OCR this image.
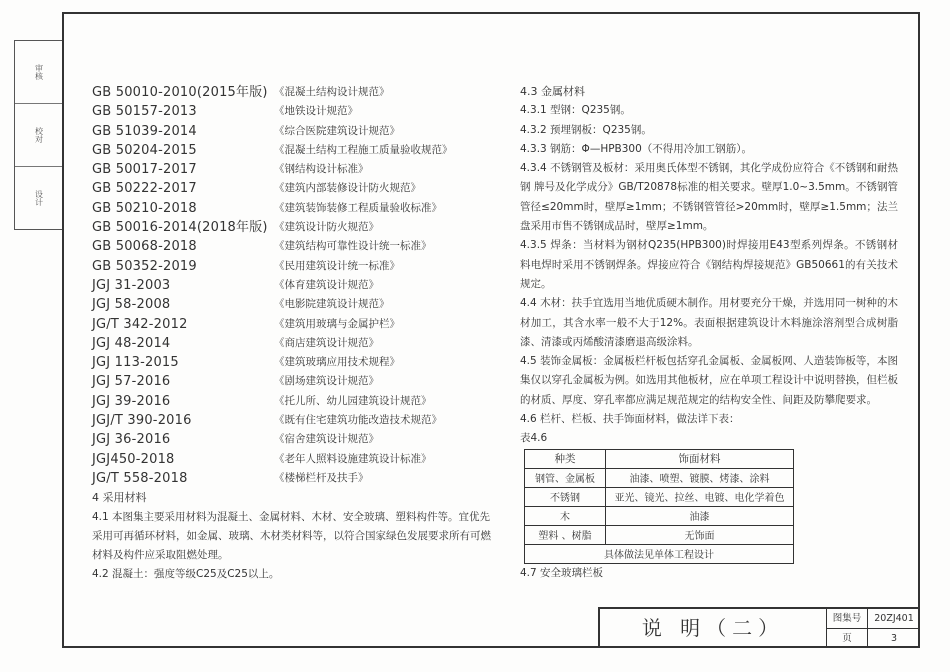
审核
校对
设计
GB 50010-2010(2015年版) 《混凝土结构设计规范》
GB 50157-2013	《地铁设计规范》
GB 51039-2014	《综合医院建筑设计规范》
GB 50204-2015	《混凝土结构工程施工质量验收规范》
GB 50017-2017	《钢结构设计标准》
GB 50222-2017	《建筑内部装修设计防火规范》
GB 50210-2018	《建筑装饰装修工程质量验收标准》
GB 50016-2014(2018年版) 《建筑设计防火规范》
GB 50068-2018	《建筑结构可靠性设计统一标准》
GB 50352-2019	《民用建筑设计统一标准》
JGJ 31-2003	《体育建筑设计规范》
JGJ 58-2008	《电影院建筑设计规范》
JG/T 342-2012	《建筑用玻璃与金属护栏》
JGJ 48-2014	《商店建筑设计规范》
JGJ 113-2015	《建筑玻璃应用技术规程》
JGJ 57-2016	《剧场建筑设计规范》
JGJ 39-2016	《托儿所、幼儿园建筑设计规范》
JGJ/T 390-2016	《既有住宅建筑功能改造技术规范》
JGJ 36-2016	《宿舍建筑设计规范》
JGJ450-2018	《老年人照料设施建筑设计标准》
JG/T 558-2018	《楼梯栏杆及扶手》
4 采用材料
4.1 本图集主要采用材料为混凝土、金属材料、木材、安全玻璃、塑料构件等。宜优先采用可再循环材料，如金属、玻璃、木材类材料等，以符合国家绿色发展要求所有可燃材料及构件应采取阻燃处理。
4.2 混凝土：强度等级C25及C25以上。
4.3 金属材料
4.3.1 型钢：Q235钢。
4.3.2 预埋钢板：Q235钢。
4.3.3 钢筋：Φ—HPB300（不得用冷加工钢筋）。
4.3.4 不锈钢管及板材：采用奥氏体型不锈钢，其化学成份应符合《不锈钢和耐热钢 牌号及化学成分》GB/T20878标准的相关要求。壁厚1.0~3.5mm。不锈钢管管径≤20mm时，壁厚≥1mm；不锈钢管管径>20mm时，壁厚≥1.5mm；法兰盘采用市售不锈钢成品时，壁厚≥1mm。
4.3.5 焊条：当材料为钢材Q235(HPB300)时焊接用E43型系列焊条。不锈钢材料电焊时采用不锈钢焊条。焊接应符合《钢结构焊接规范》GB50661的有关技术规定。
4.4 木材：扶手宜选用当地优质硬木制作。用材要充分干燥，并选用同一树种的木材加工，其含水率一般不大于12%。表面根据建筑设计木料施涂溶剂型合成树脂漆、清漆或丙烯酸清漆磨退高级涂料。
4.5 装饰金属板：金属板栏杆板包括穿孔金属板、金属板网、人造装饰板等，本图集仅以穿孔金属板为例。如选用其他板材，应在单项工程设计中说明替换，但栏板的材质、厚度、穿孔率都应满足规范规定的结构安全性、间距及防攀爬要求。
4.6 栏杆、栏板、扶手饰面材料，做法详下表：
表4.6
种类	饰面材料
钢管、金属板	油漆、喷塑、镀膜、烤漆、涂料
不锈钢	亚光、镜光、拉丝、电镀、电化学着色
木	油漆
塑料 、树脂	无饰面
具体做法见单体工程设计	
4.7 安全玻璃栏板
说 明（二）	图集号	20ZJ401
页	3
